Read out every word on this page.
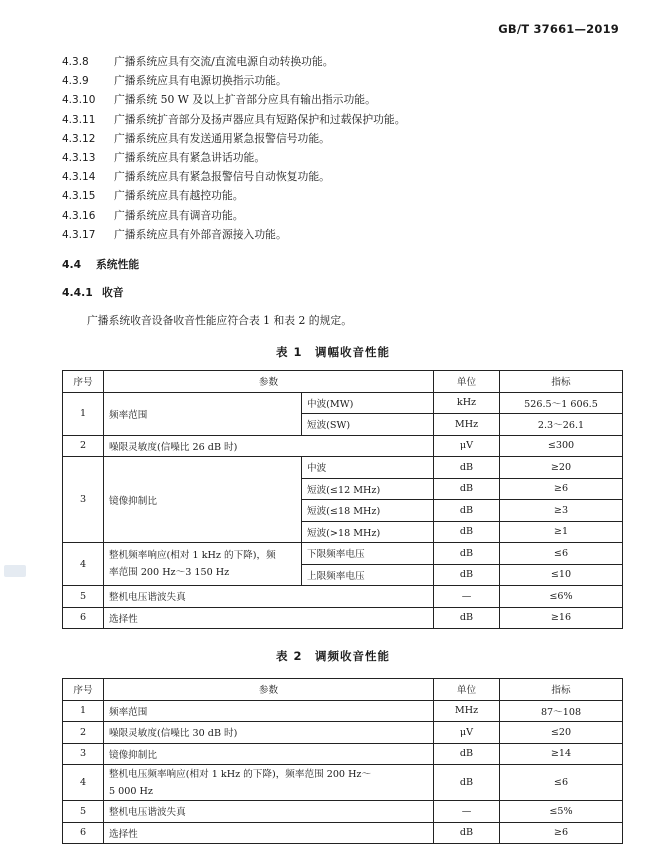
GB/T 37661—2019
4.3.8 广播系统应具有交流/直流电源自动转换功能。
4.3.9 广播系统应具有电源切换指示功能。
4.3.10 广播系统 50 W 及以上扩音部分应具有输出指示功能。
4.3.11 广播系统扩音部分及扬声器应具有短路保护和过载保护功能。
4.3.12 广播系统应具有发送通用紧急报警信号功能。
4.3.13 广播系统应具有紧急讲话功能。
4.3.14 广播系统应具有紧急报警信号自动恢复功能。
4.3.15 广播系统应具有越控功能。
4.3.16 广播系统应具有调音功能。
4.3.17 广播系统应具有外部音源接入功能。
4.4 系统性能
4.4.1 收音
广播系统收音设备收音性能应符合表 1 和表 2 的规定。
表 1　调幅收音性能
序号	参数		单位	指标
1	频率范围	中波(MW)	kHz	526.5～1 606.5
		短波(SW)	MHz	2.3～26.1
2	噪限灵敏度(信噪比 26 dB 时)		μV	≤300
3	镜像抑制比	中波	dB	≥20
		短波(≤12 MHz)	dB	≥6
		短波(≤18 MHz)	dB	≥3
		短波(>18 MHz)	dB	≥1
4	整机频率响应(相对 1 kHz 的下降)，频
率范围 200 Hz～3 150 Hz	下限频率电压	dB	≤6
		上限频率电压	dB	≤10
5	整机电压谐波失真		—	≤6%
6	选择性		dB	≥16
表 2　调频收音性能
序号	参数	单位	指标
1	频率范围	MHz	87～108
2	噪限灵敏度(信噪比 30 dB 时)	μV	≤20
3	镜像抑制比	dB	≥14
4	整机电压频率响应(相对 1 kHz 的下降)，频率范围 200 Hz～
5 000 Hz	dB	≤6
5	整机电压谐波失真	—	≤5%
6	选择性	dB	≥6
